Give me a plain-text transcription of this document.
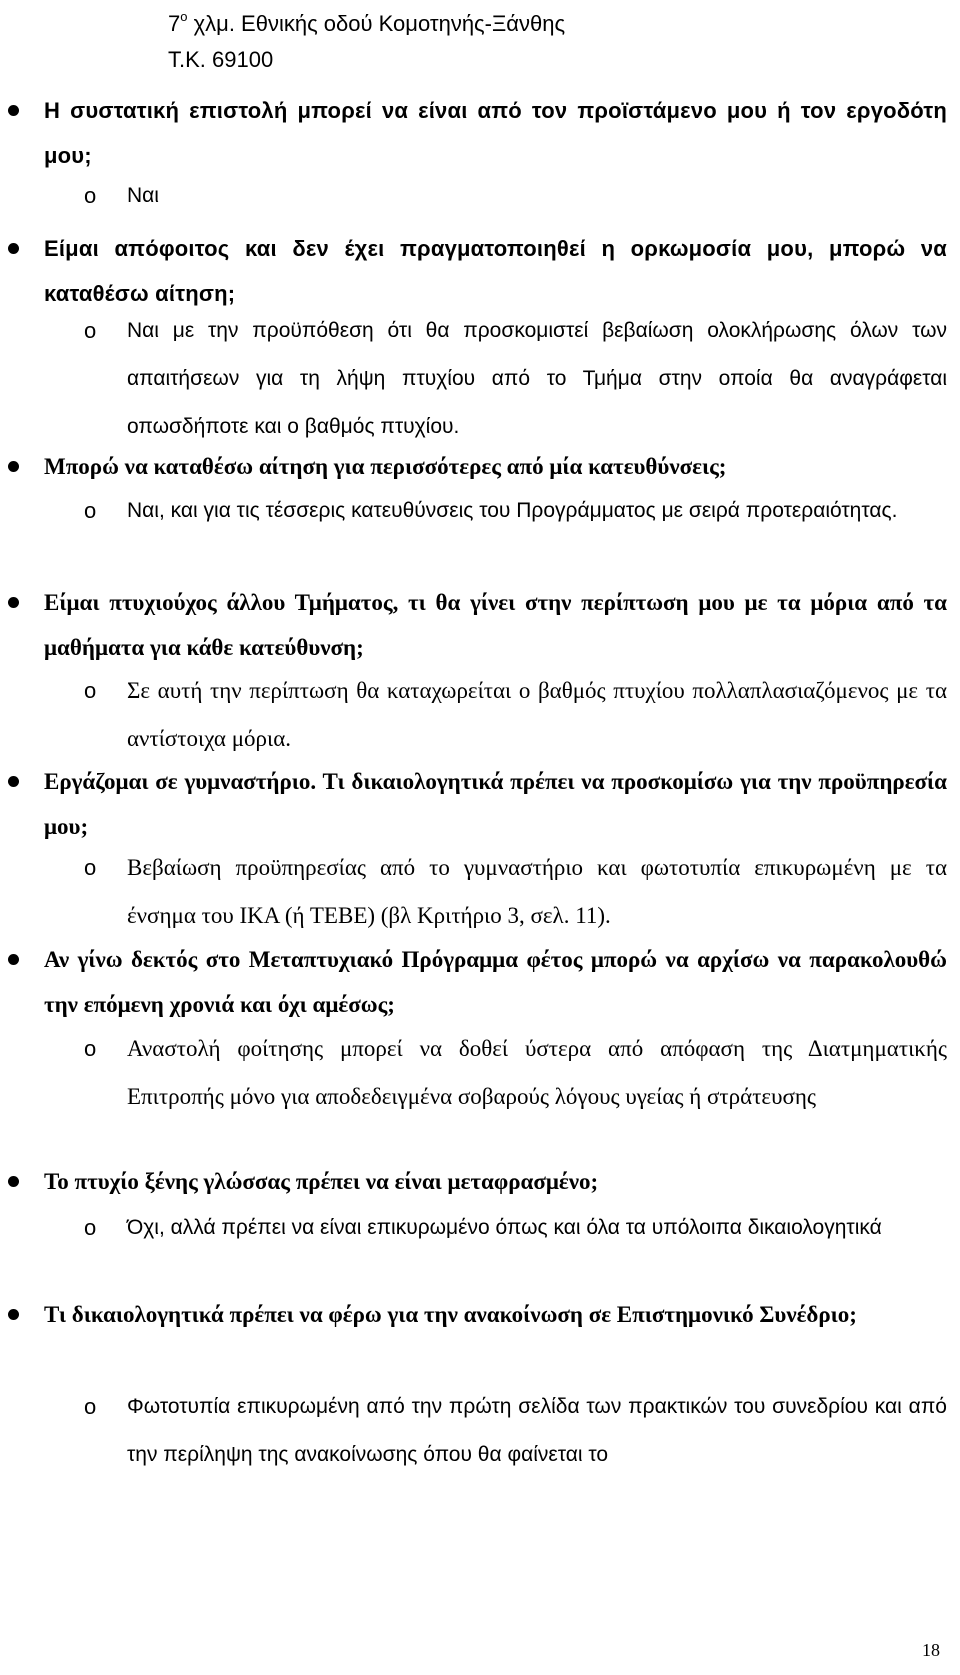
$7^o$ χλμ. Εθνικής οδού Κομοτηνής-Ξάνθης
Τ.Κ. 69100
Η συστατική επιστολή μπορεί να είναι από τον προϊστάμενο μου ή τον εργοδότη μου;
o Ναι
Είμαι απόφοιτος και δεν έχει πραγματοποιηθεί η ορκωμοσία μου, μπορώ να καταθέσω αίτηση;
o Ναι με την προϋπόθεση ότι θα προσκομιστεί βεβαίωση ολοκλήρωσης όλων των απαιτήσεων για τη λήψη πτυχίου από το Τμήμα στην οποία θα αναγράφεται οπωσδήποτε και ο βαθμός πτυχίου.
Μπορώ να καταθέσω αίτηση για περισσότερες από μία κατευθύνσεις;
o Ναι, και για τις τέσσερις κατευθύνσεις του Προγράμματος με σειρά προτεραιότητας.
Είμαι πτυχιούχος άλλου Τμήματος, τι θα γίνει στην περίπτωση μου με τα μόρια από τα μαθήματα για κάθε κατεύθυνση;
o Σε αυτή την περίπτωση θα καταχωρείται ο βαθμός πτυχίου πολλαπλασιαζόμενος με τα αντίστοιχα μόρια.
Εργάζομαι σε γυμναστήριο. Τι δικαιολογητικά πρέπει να προσκομίσω για την προϋπηρεσία μου;
o Βεβαίωση προϋπηρεσίας από το γυμναστήριο και φωτοτυπία επικυρωμένη με τα ένσημα του ΙΚΑ (ή ΤΕΒΕ) (βλ Κριτήριο 3, σελ. 11).
Αν γίνω δεκτός στο Μεταπτυχιακό Πρόγραμμα φέτος μπορώ να αρχίσω να παρακολουθώ την επόμενη χρονιά και όχι αμέσως;
o Αναστολή φοίτησης μπορεί να δοθεί ύστερα από απόφαση της Διατμηματικής Επιτροπής μόνο για αποδεδειγμένα σοβαρούς λόγους υγείας ή στράτευσης
Το πτυχίο ξένης γλώσσας πρέπει να είναι μεταφρασμένο;
o Όχι, αλλά πρέπει να είναι επικυρωμένο όπως και όλα τα υπόλοιπα δικαιολογητικά
Τι δικαιολογητικά πρέπει να φέρω για την ανακοίνωση σε Επιστημονικό Συνέδριο;
o Φωτοτυπία επικυρωμένη από την πρώτη σελίδα των πρακτικών του συνεδρίου και από την περίληψη της ανακοίνωσης όπου θα φαίνεται το
18
